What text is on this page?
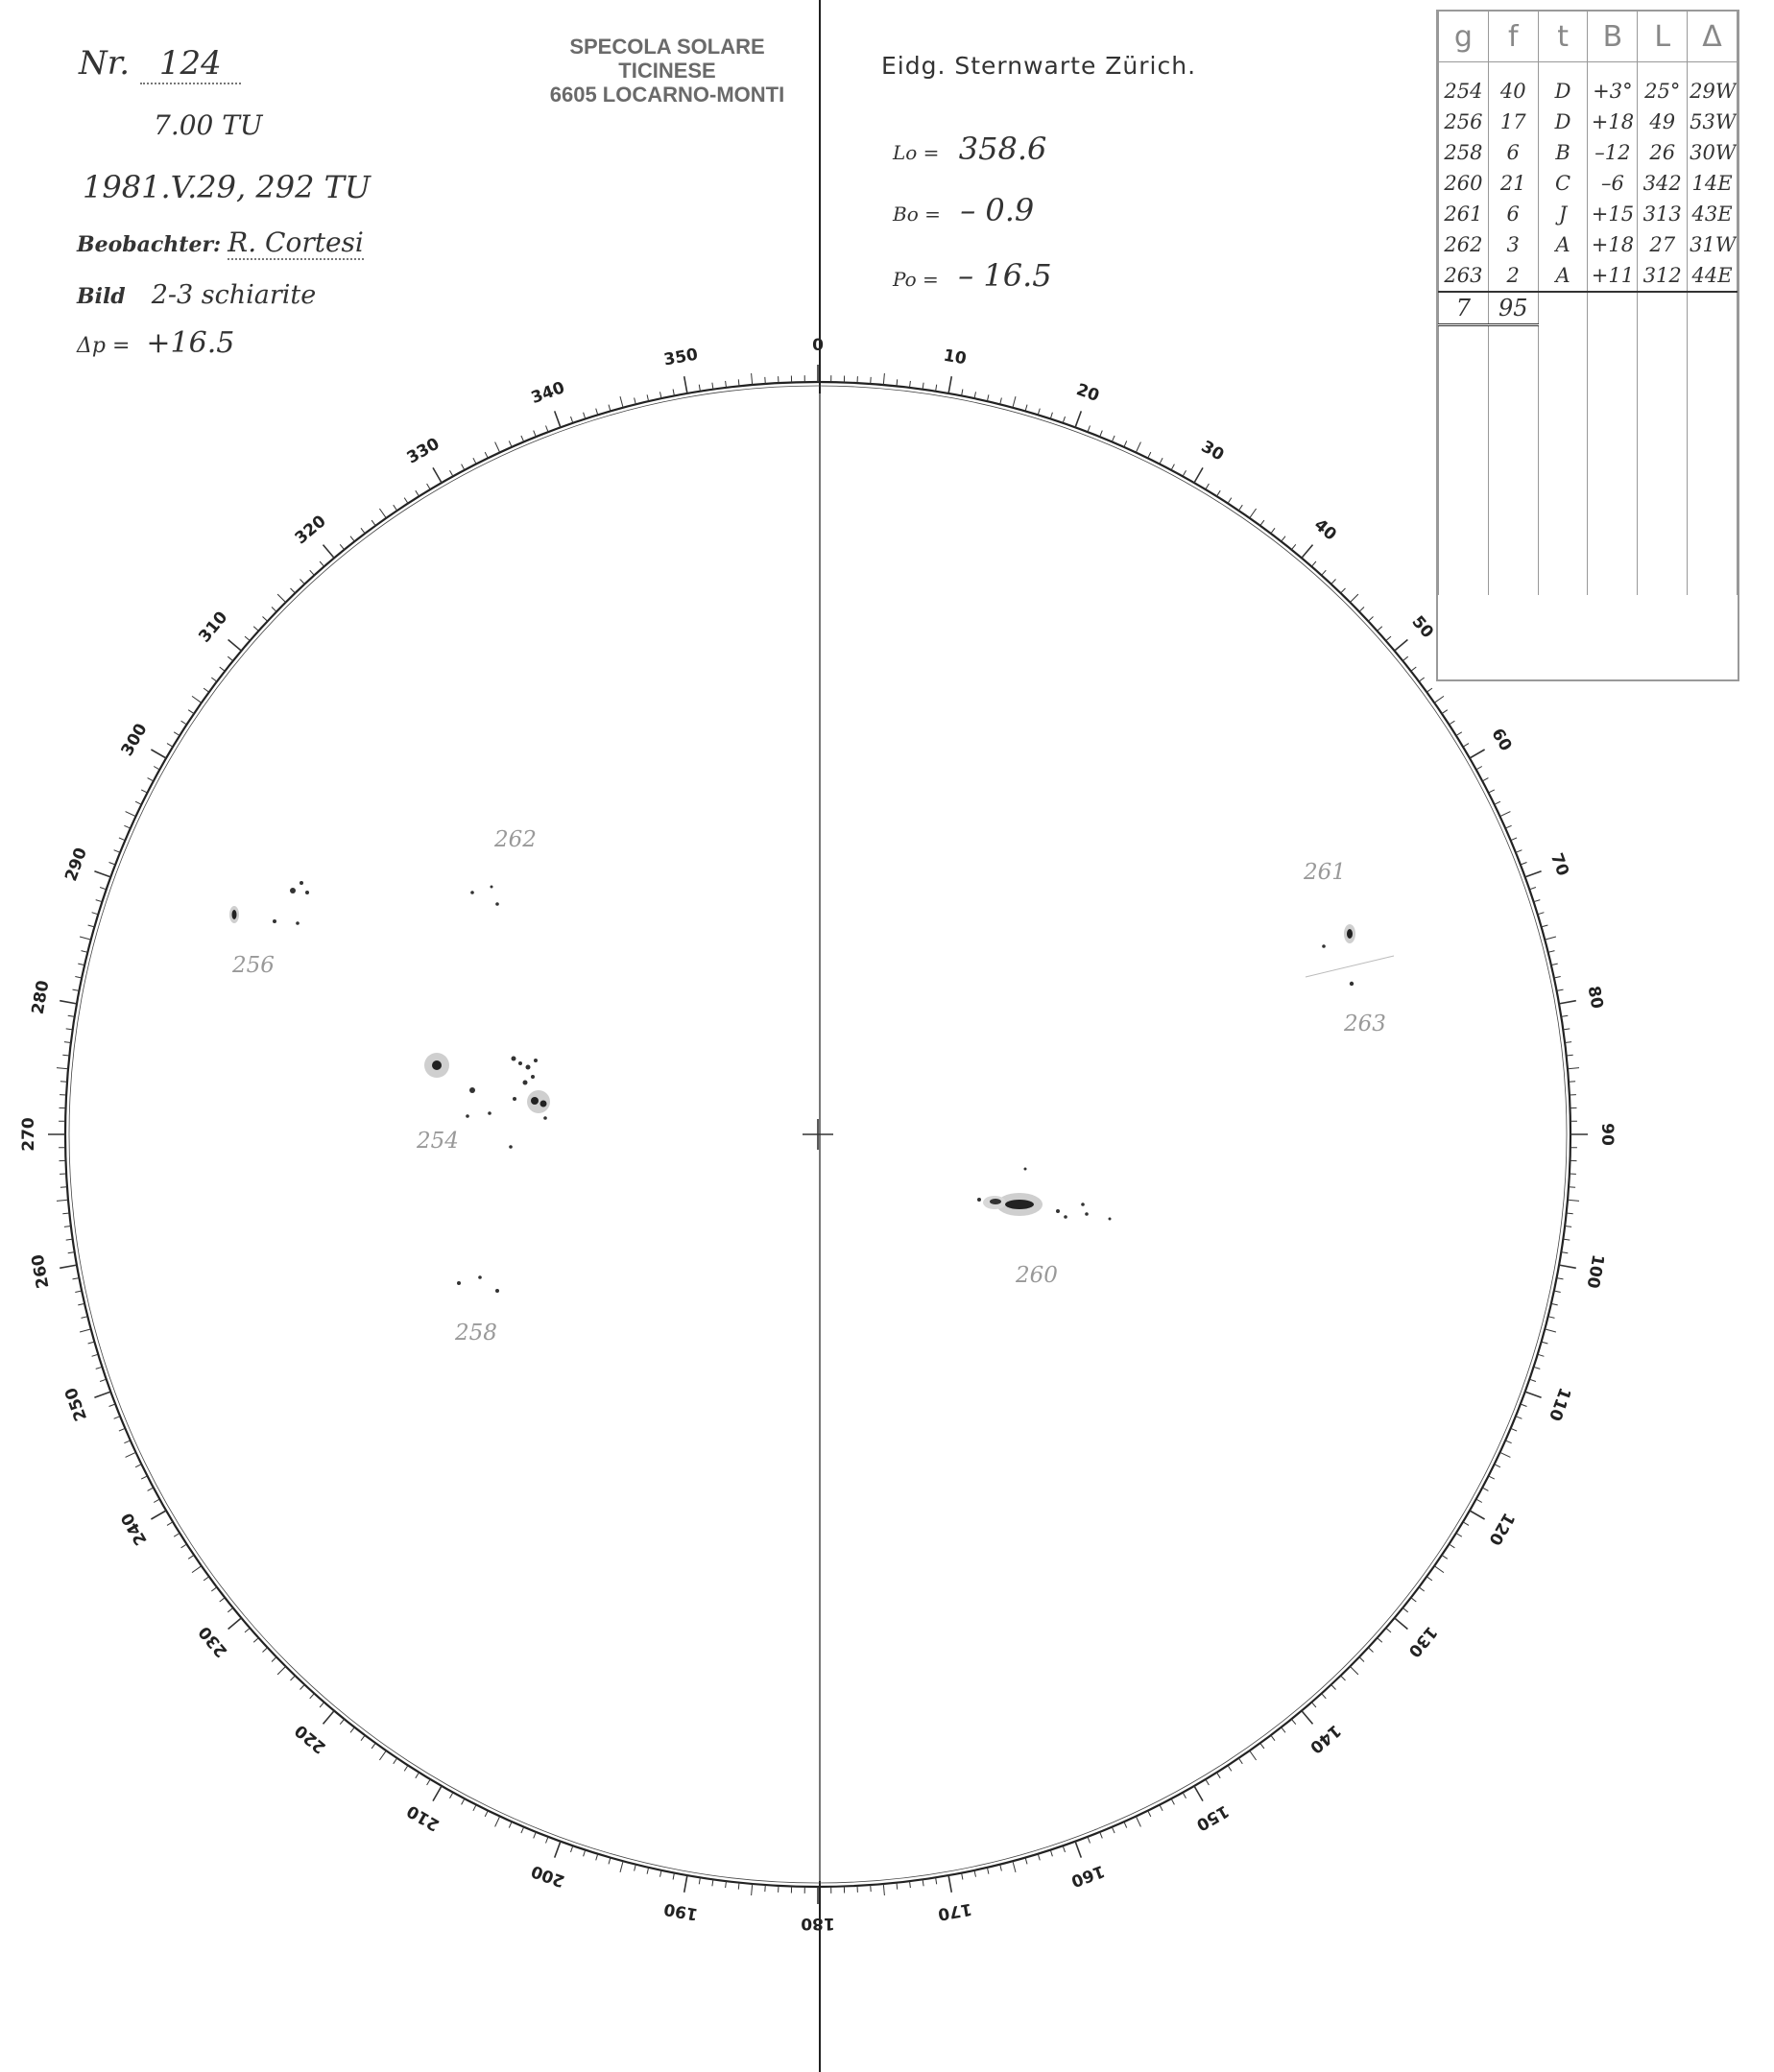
Nr. 124
7.00 TU
1981.V.29, 292 TU
Beobachter: R. Cortesi
Bild 2-3 schiarite
Δp = +16.5
SPECOLA SOLARE
TICINESE
6605 LOCARNO-MONTI
Eidg. Sternwarte Zürich.
Lo = 358.6
Bo = – 0.9
Po = – 16.5
g	f	t	B	L	Δ
254	40	D	+3°	25°	29W
256	17	D	+18	49	53W
258	6	B	–12	26	30W
260	21	C	–6	342	14E
261	6	J	+15	313	43E
262	3	A	+18	27	31W
263	2	A	+11	312	44E
7	95				

0
10
20
30
40
50
60
70
80
90
100
110
120
130
140
150
160
170
180
190
200
210
220
230
240
250
260
270
280
290
300
310
320
330
340
350
262
256
254
258
260
261
263
